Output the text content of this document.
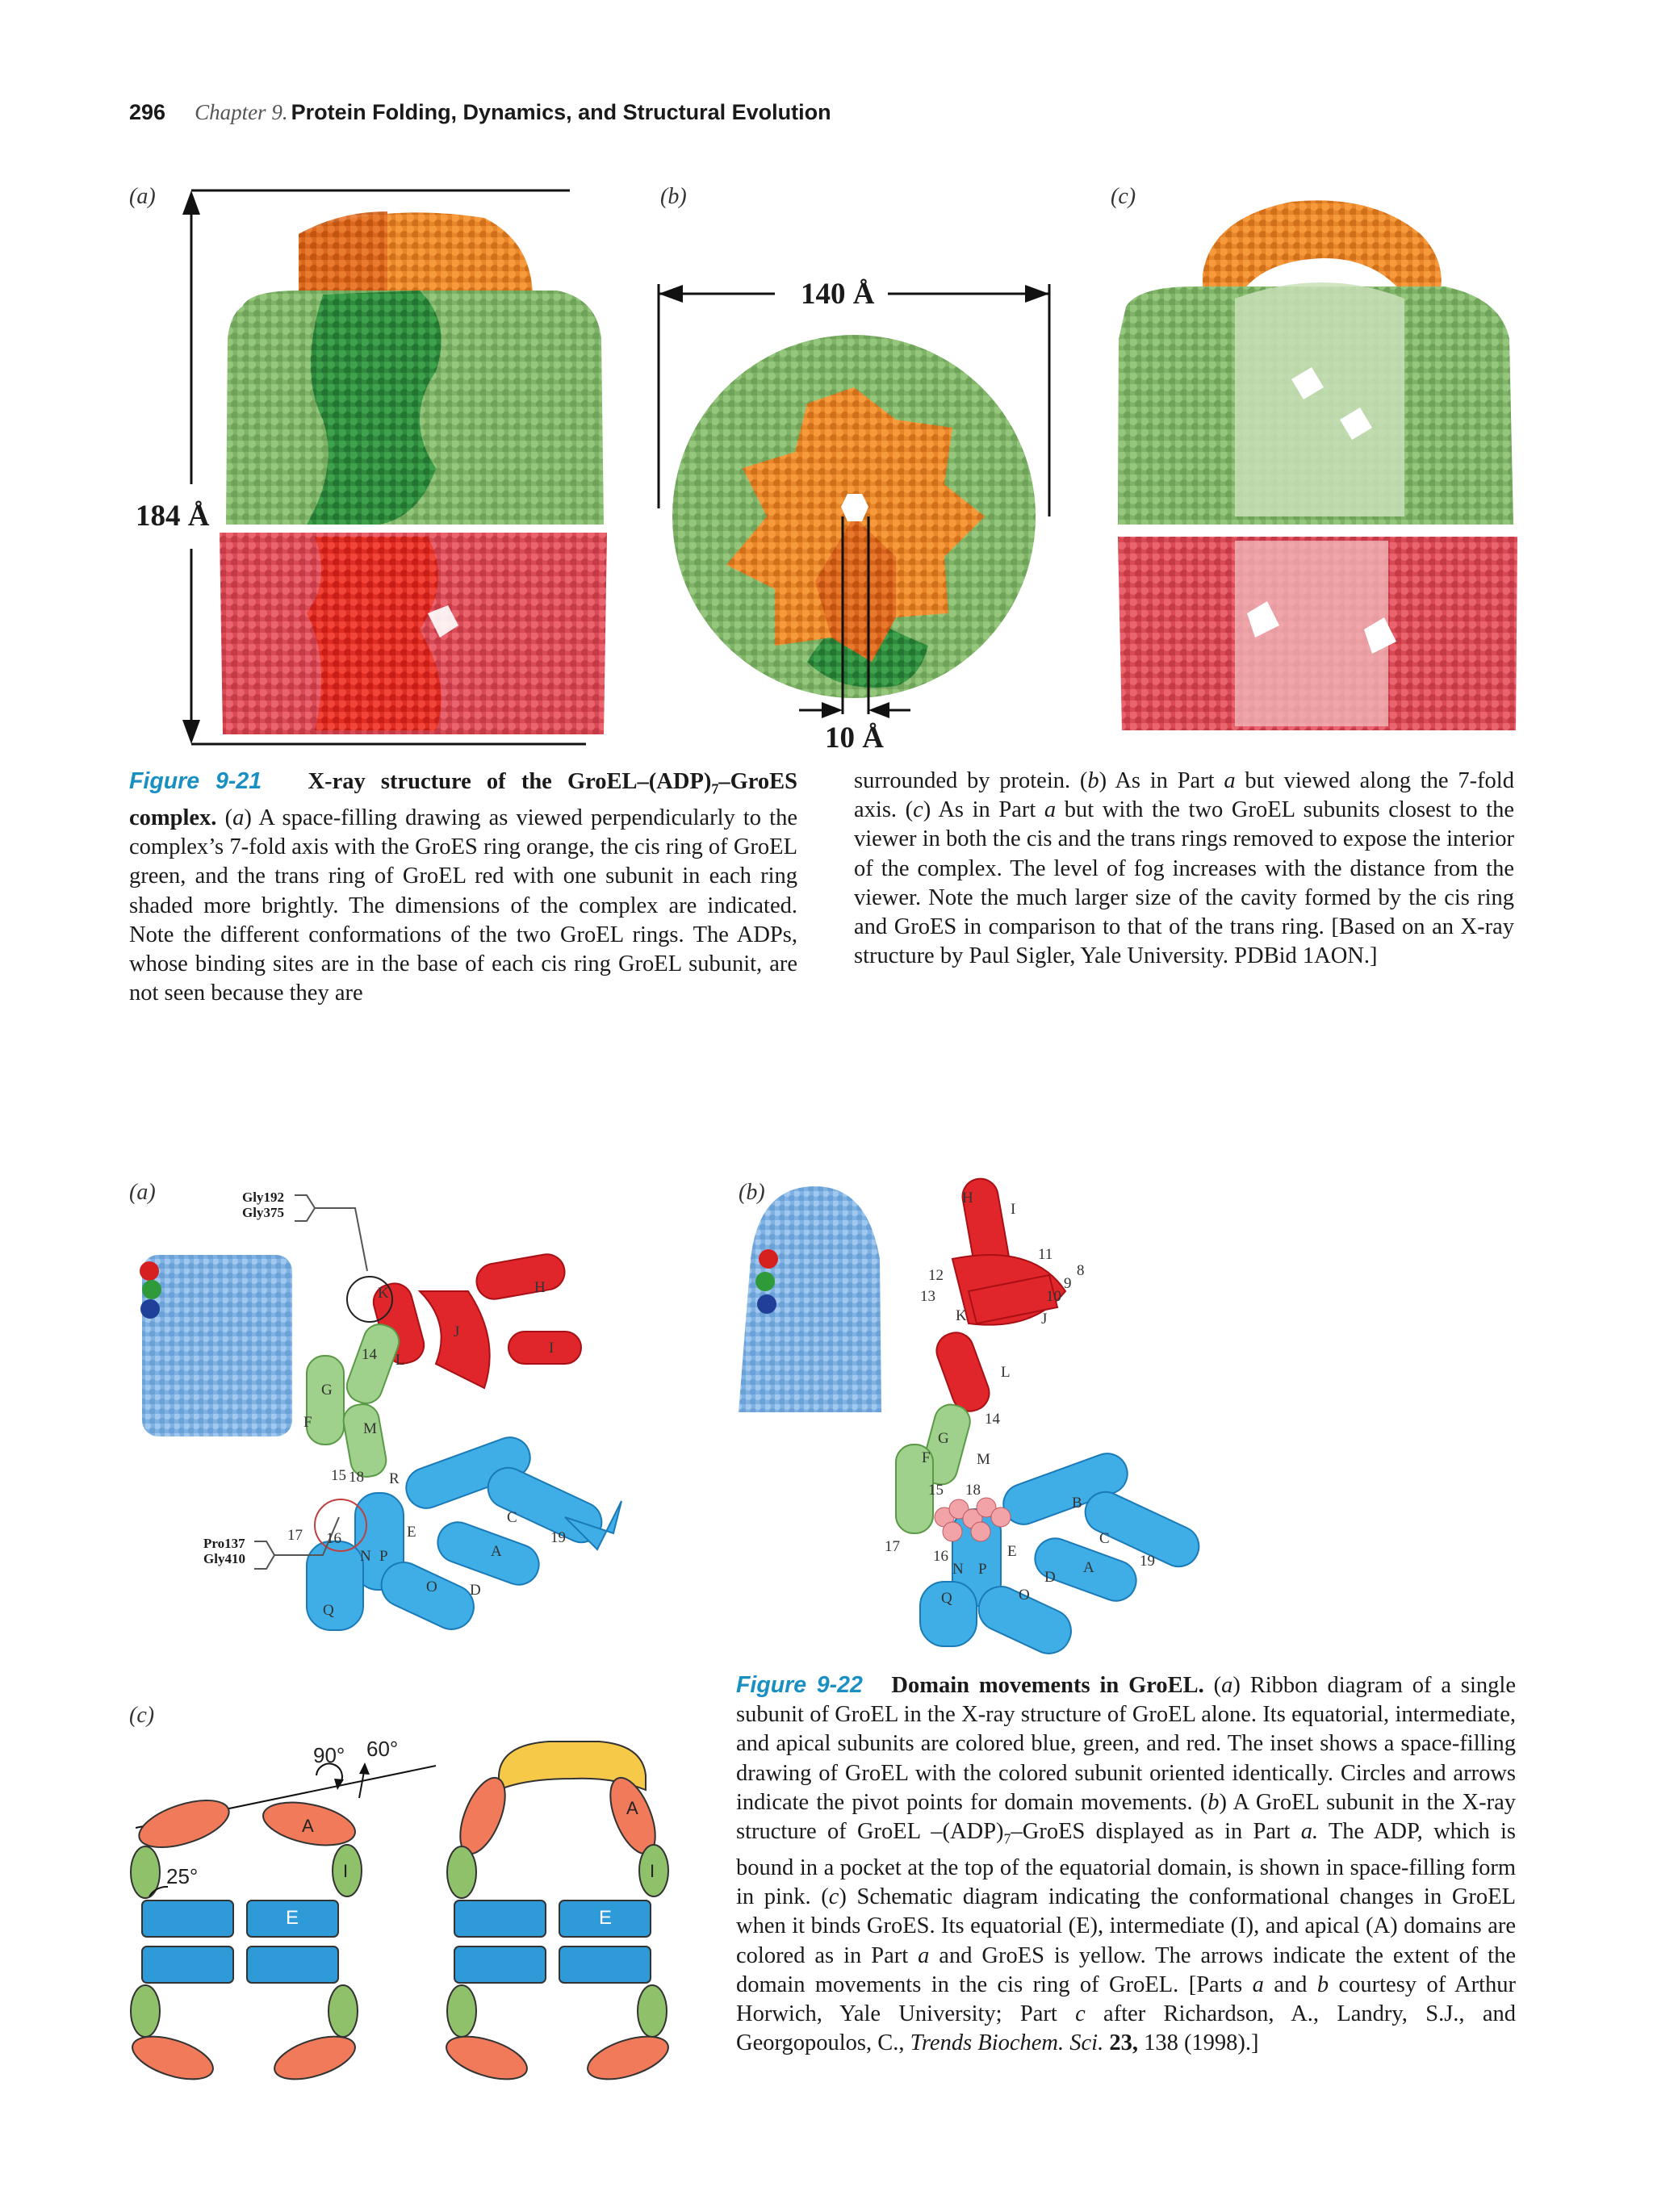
296 Chapter 9. Protein Folding, Dynamics, and Structural Evolution
(a)	(b)	(c)
184 Å
140 Å
10 Å
Figure 9-21 X-ray structure of the GroEL–$(ADP)_7$–GroES complex. (a) A space-filling drawing as viewed perpendicularly to the complex’s 7-fold axis with the GroES ring orange, the cis ring of GroEL green, and the trans ring of GroEL red with one subunit in each ring shaded more brightly. The dimensions of the complex are indicated. Note the different conformations of the two GroEL rings. The ADPs, whose binding sites are in the base of each cis ring GroEL subunit, are not seen because they are
surrounded by protein. (b) As in Part a but viewed along the 7-fold axis. (c) As in Part a but with the two GroEL subunits closest to the viewer in both the cis and the trans rings removed to expose the interior of the complex. The level of fog increases with the distance from the viewer. Note the much larger size of the cavity formed by the cis ring and GroES in comparison to that of the trans ring. [Based on an X-ray structure by Paul Sigler, Yale University. PDBid 1AON.]
(a)	(b)
(c)
Gly192
Gly375
Pro137
Gly410
K	H
G
F	M
R
C
A
E
N P
O D
I
L
J
Q
18
16
17	19
14
15
H
I
12
13
11
8
9
10
K	J
L
14
G
F	M
15 18
B
C
A	19
17
16
N P
E
D
O
Q
90° 60°
25°
A
I
E
A
I
E
Figure 9-22 Domain movements in GroEL. (a) Ribbon diagram of a single subunit of GroEL in the X-ray structure of GroEL alone. Its equatorial, intermediate, and apical subunits are colored blue, green, and red. The inset shows a space-filling drawing of GroEL with the colored subunit oriented identically. Circles and arrows indicate the pivot points for domain movements. (b) A GroEL subunit in the X-ray structure of GroEL $-(ADP)_7$–GroES displayed as in Part a. The ADP, which is bound in a pocket at the top of the equatorial domain, is shown in space-filling form in pink. (c) Schematic diagram indicating the conformational changes in GroEL when it binds GroES. Its equatorial (E), intermediate (I), and apical (A) domains are colored as in Part a and GroES is yellow. The arrows indicate the extent of the domain movements in the cis ring of GroEL. [Parts a and b courtesy of Arthur Horwich, Yale University; Part c after Richardson, A., Landry, S.J., and Georgopoulos, C., Trends Biochem. Sci. 23, 138 (1998).]
